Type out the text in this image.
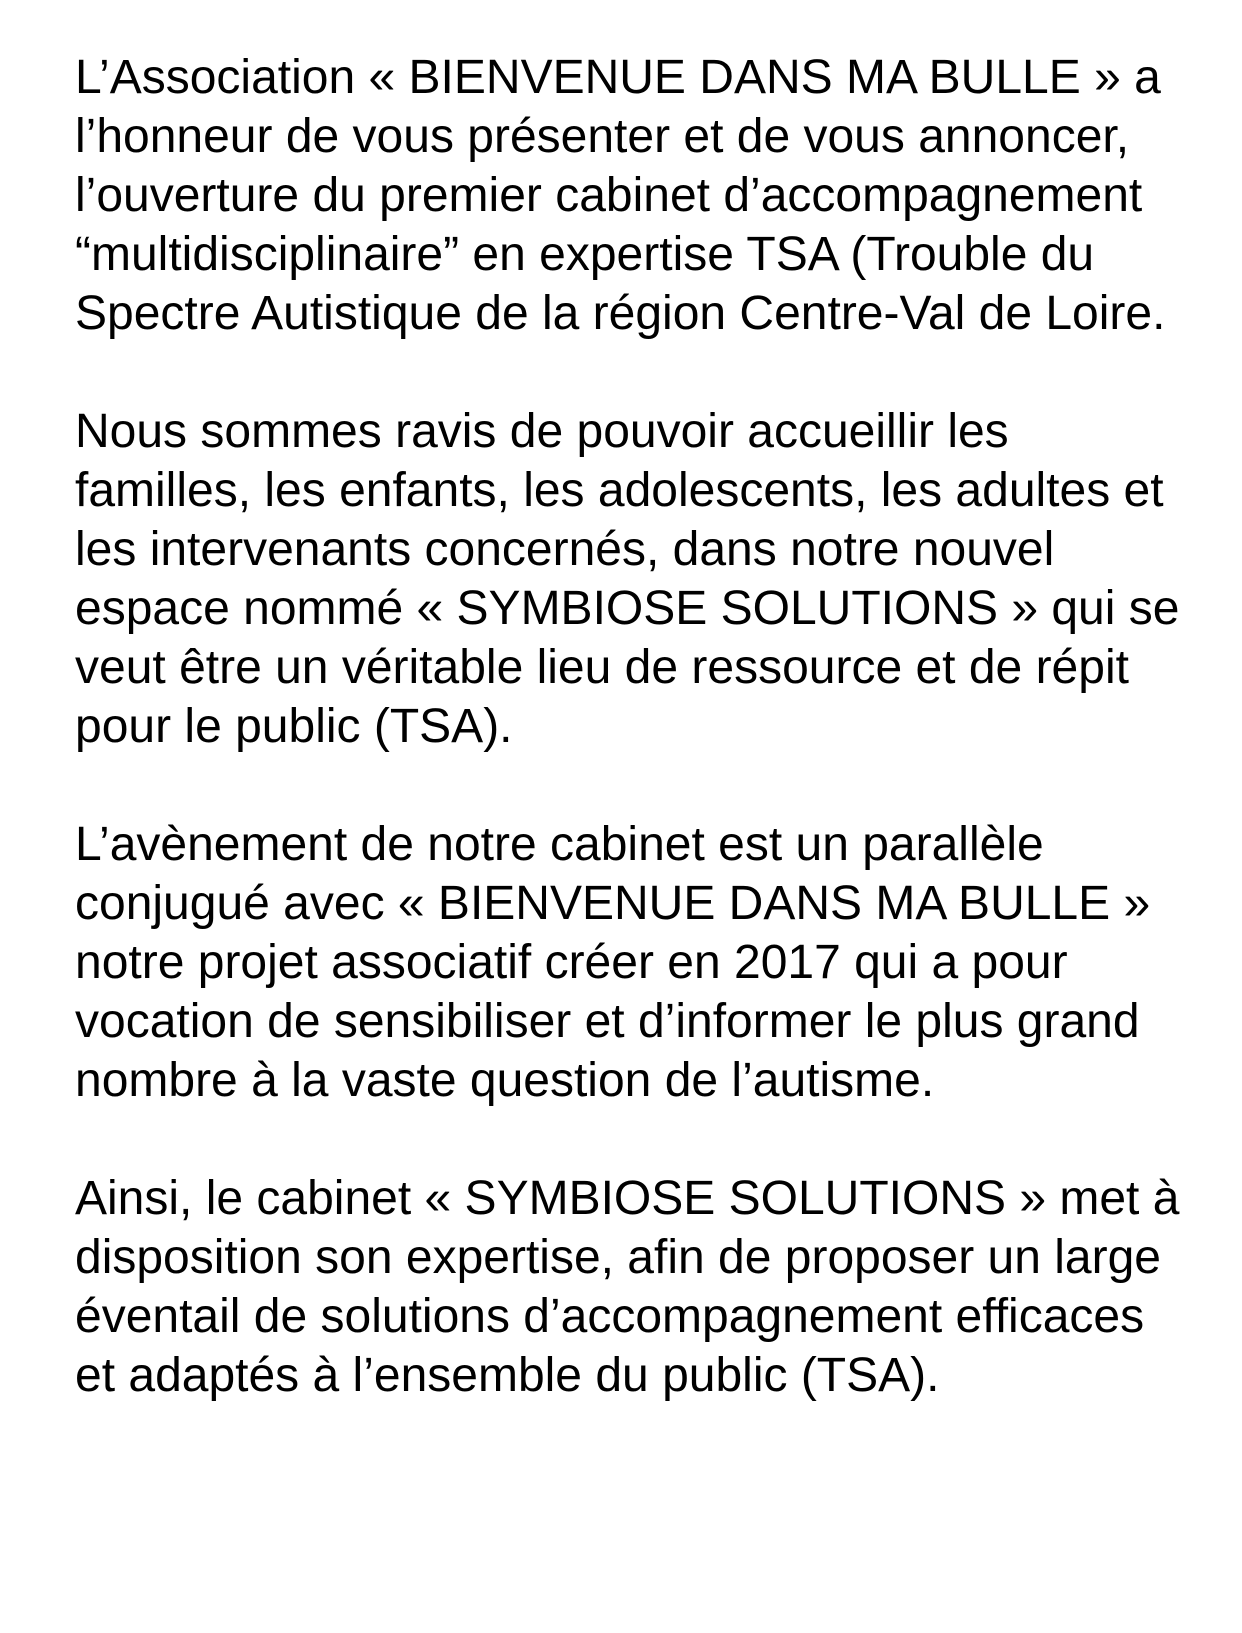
L’Association « BIENVENUE DANS MA BULLE » a l’honneur de vous présenter et de vous annoncer, l’ouverture du premier cabinet d’accompagnement “multidisciplinaire” en expertise TSA (Trouble du Spectre Autistique de la région Centre-Val de Loire.

Nous sommes ravis de pouvoir accueillir les familles, les enfants, les adolescents, les adultes et les intervenants concernés, dans notre nouvel espace nommé « SYMBIOSE SOLUTIONS » qui se veut être un véritable lieu de ressource et de répit pour le public (TSA).

L’avènement de notre cabinet est un parallèle conjugué avec « BIENVENUE DANS MA BULLE » notre projet associatif créer en 2017 qui a pour vocation de sensibiliser et d’informer le plus grand nombre à la vaste question de l’autisme.

Ainsi, le cabinet « SYMBIOSE SOLUTIONS » met à disposition son expertise, afin de proposer un large éventail de solutions d’accompagnement efficaces et adaptés à l’ensemble du public (TSA).
